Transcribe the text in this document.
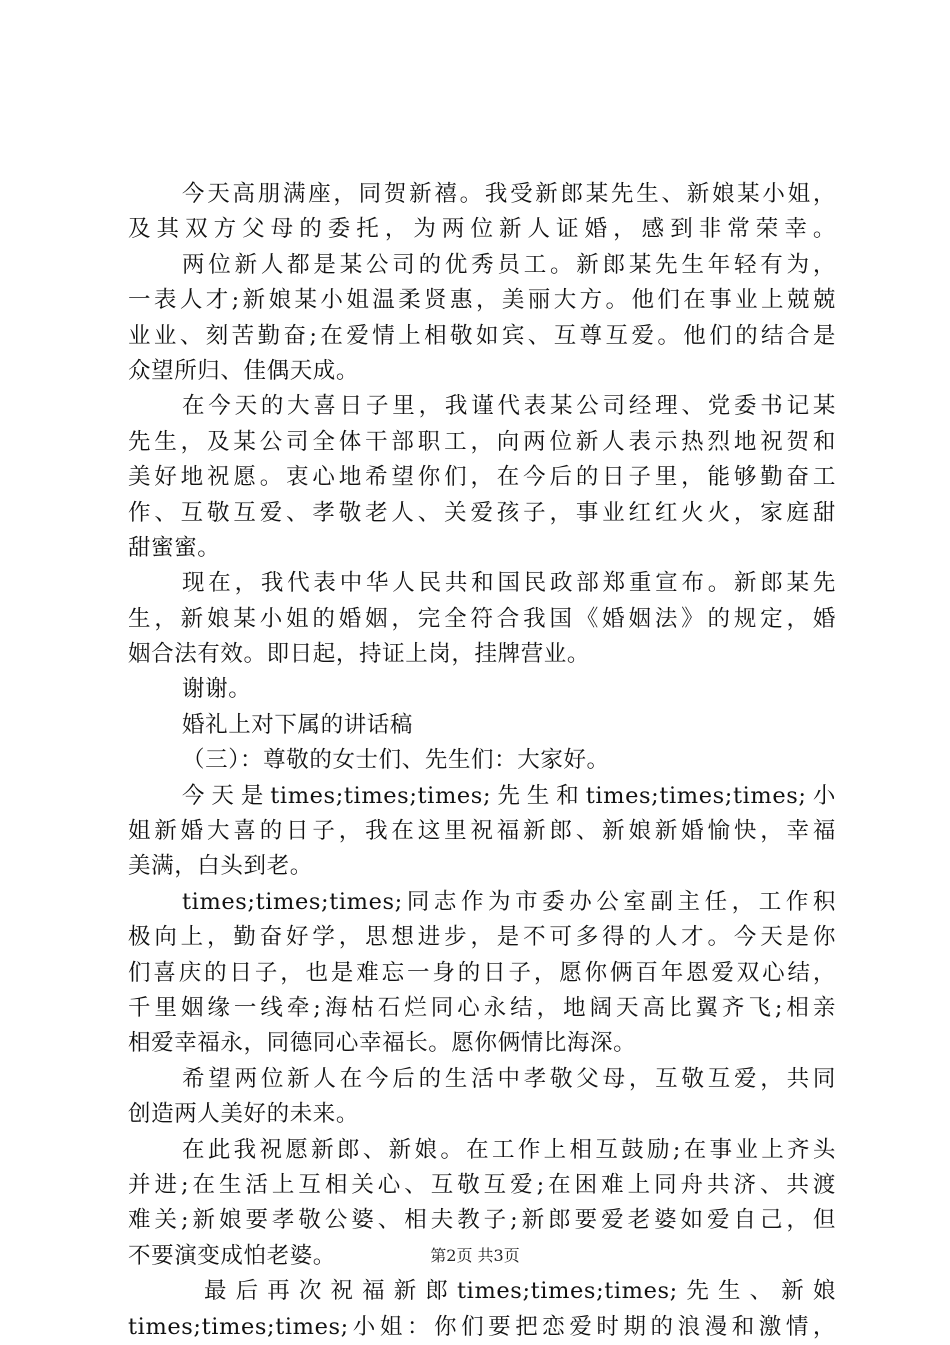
今天高朋满座，同贺新禧。我受新郎某先生、新娘某小姐，
及其双方父母的委托，为两位新人证婚，感到非常荣幸。
两位新人都是某公司的优秀员工。新郎某先生年轻有为，
一表人才;新娘某小姐温柔贤惠，美丽大方。他们在事业上兢兢
业业、刻苦勤奋;在爱情上相敬如宾、互尊互爱。他们的结合是
众望所归、佳偶天成。
在今天的大喜日子里，我谨代表某公司经理、党委书记某
先生，及某公司全体干部职工，向两位新人表示热烈地祝贺和
美好地祝愿。衷心地希望你们，在今后的日子里，能够勤奋工
作、互敬互爱、孝敬老人、关爱孩子，事业红红火火，家庭甜
甜蜜蜜。
现在，我代表中华人民共和国民政部郑重宣布。新郎某先
生，新娘某小姐的婚姻，完全符合我国《婚姻法》的规定，婚
姻合法有效。即日起，持证上岗，挂牌营业。
谢谢。
婚礼上对下属的讲话稿
（三）：尊敬的女士们、先生们：大家好。
今天是times;times;times;先生和times;times;times;小
姐新婚大喜的日子，我在这里祝福新郎、新娘新婚愉快，幸福
美满，白头到老。
times;times;times;同志作为市委办公室副主任，工作积
极向上，勤奋好学，思想进步，是不可多得的人才。今天是你
们喜庆的日子，也是难忘一身的日子，愿你俩百年恩爱双心结，
千里姻缘一线牵;海枯石烂同心永结，地阔天高比翼齐飞;相亲
相爱幸福永，同德同心幸福长。愿你俩情比海深。
希望两位新人在今后的生活中孝敬父母，互敬互爱，共同
创造两人美好的未来。
在此我祝愿新郎、新娘。在工作上相互鼓励;在事业上齐头
并进;在生活上互相关心、互敬互爱;在困难上同舟共济、共渡
难关;新娘要孝敬公婆、相夫教子;新郎要爱老婆如爱自己，但
不要演变成怕老婆。
最后再次祝福新郎times;times;times;先生、新娘
times;times;times;小姐：你们要把恋爱时期的浪漫和激情，
第2页 共3页
